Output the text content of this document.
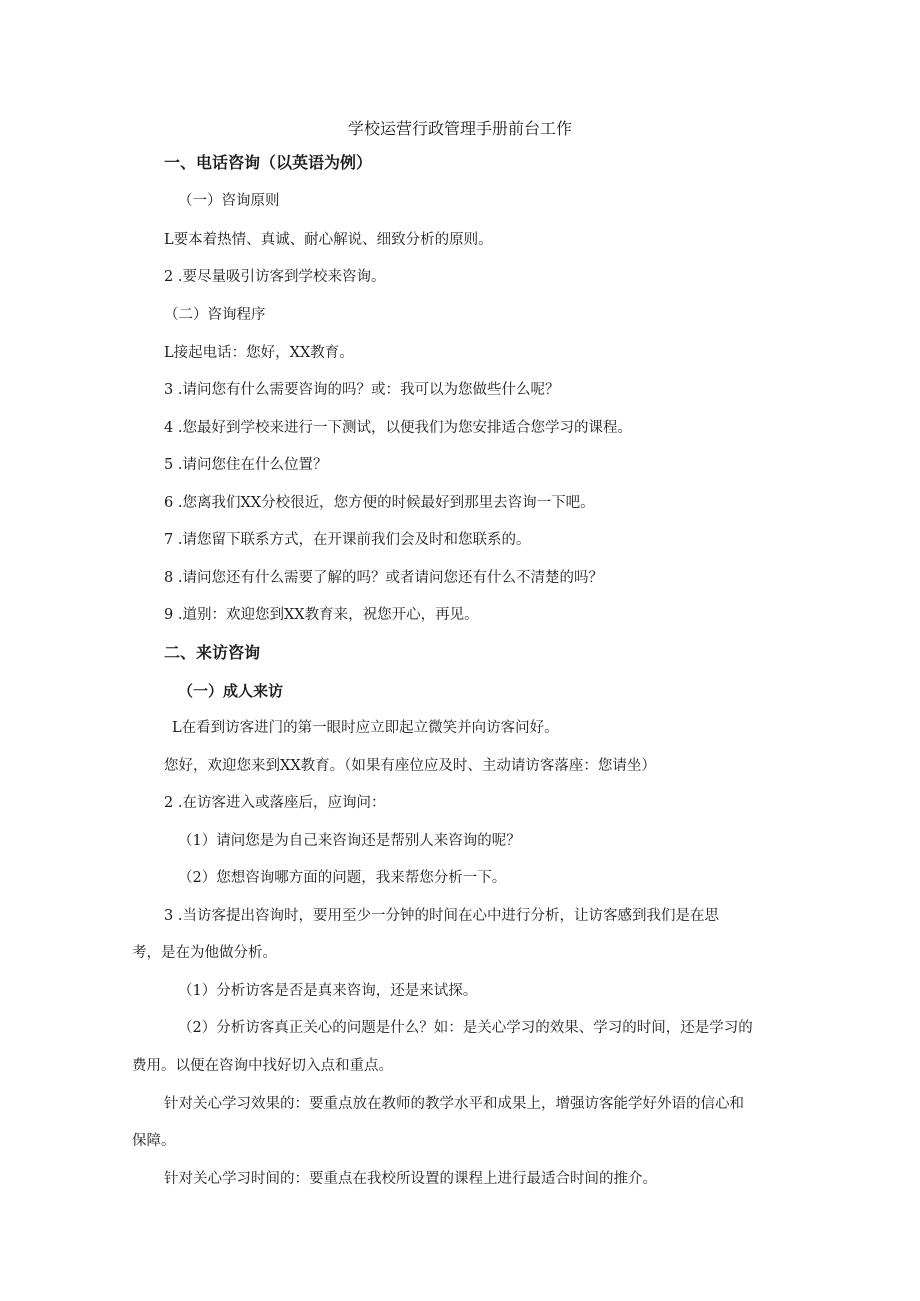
学校运营行政管理手册前台工作

一、电话咨询（以英语为例）

（一）咨询原则

L要本着热情、真诚、耐心解说、细致分析的原则。

2 .要尽量吸引访客到学校来咨询。

（二）咨询程序

L接起电话：您好，XX教育。

3 .请问您有什么需要咨询的吗？或：我可以为您做些什么呢？

4 .您最好到学校来进行一下测试，以便我们为您安排适合您学习的课程。

5 .请问您住在什么位置？

6 .您离我们XX分校很近，您方便的时候最好到那里去咨询一下吧。

7 .请您留下联系方式，在开课前我们会及时和您联系的。

8 .请问您还有什么需要了解的吗？或者请问您还有什么不清楚的吗？

9 .道别：欢迎您到XX教育来，祝您开心，再见。

二、来访咨询

（一）成人来访

L在看到访客进门的第一眼时应立即起立微笑并向访客问好。

您好，欢迎您来到XX教育。（如果有座位应及时、主动请访客落座：您请坐）

2 .在访客进入或落座后，应询问：

（1）请问您是为自己来咨询还是帮别人来咨询的呢？

（2）您想咨询哪方面的问题，我来帮您分析一下。

3 .当访客提出咨询时，要用至少一分钟的时间在心中进行分析，让访客感到我们是在思

考，是在为他做分析。

（1）分析访客是否是真来咨询，还是来试探。

（2）分析访客真正关心的问题是什么？如：是关心学习的效果、学习的时间，还是学习的

费用。以便在咨询中找好切入点和重点。

针对关心学习效果的：要重点放在教师的教学水平和成果上，增强访客能学好外语的信心和

保障。

针对关心学习时间的：要重点在我校所设置的课程上进行最适合时间的推介。
